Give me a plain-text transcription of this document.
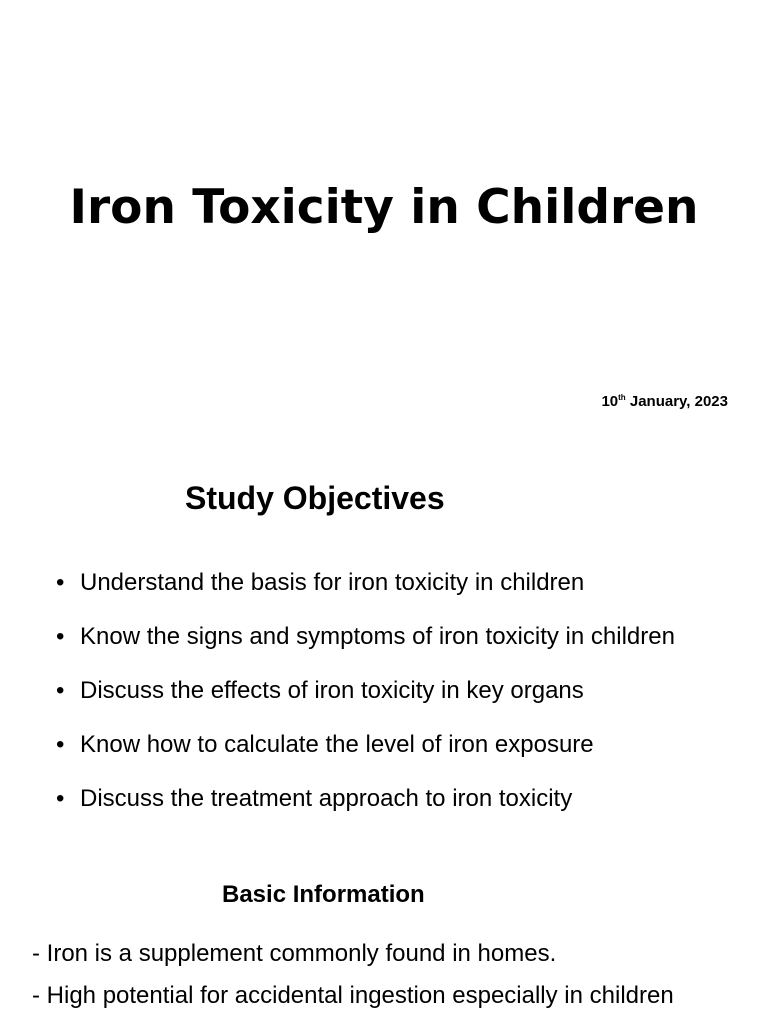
Iron Toxicity in Children
10th January, 2023
Study Objectives
• Understand the basis for iron toxicity in children
• Know the signs and symptoms of iron toxicity in children
• Discuss the effects of iron toxicity in key organs
• Know how to calculate the level of iron exposure
• Discuss the treatment approach to iron toxicity
Basic Information
- Iron is a supplement commonly found in homes.
- High potential for accidental ingestion especially in children
